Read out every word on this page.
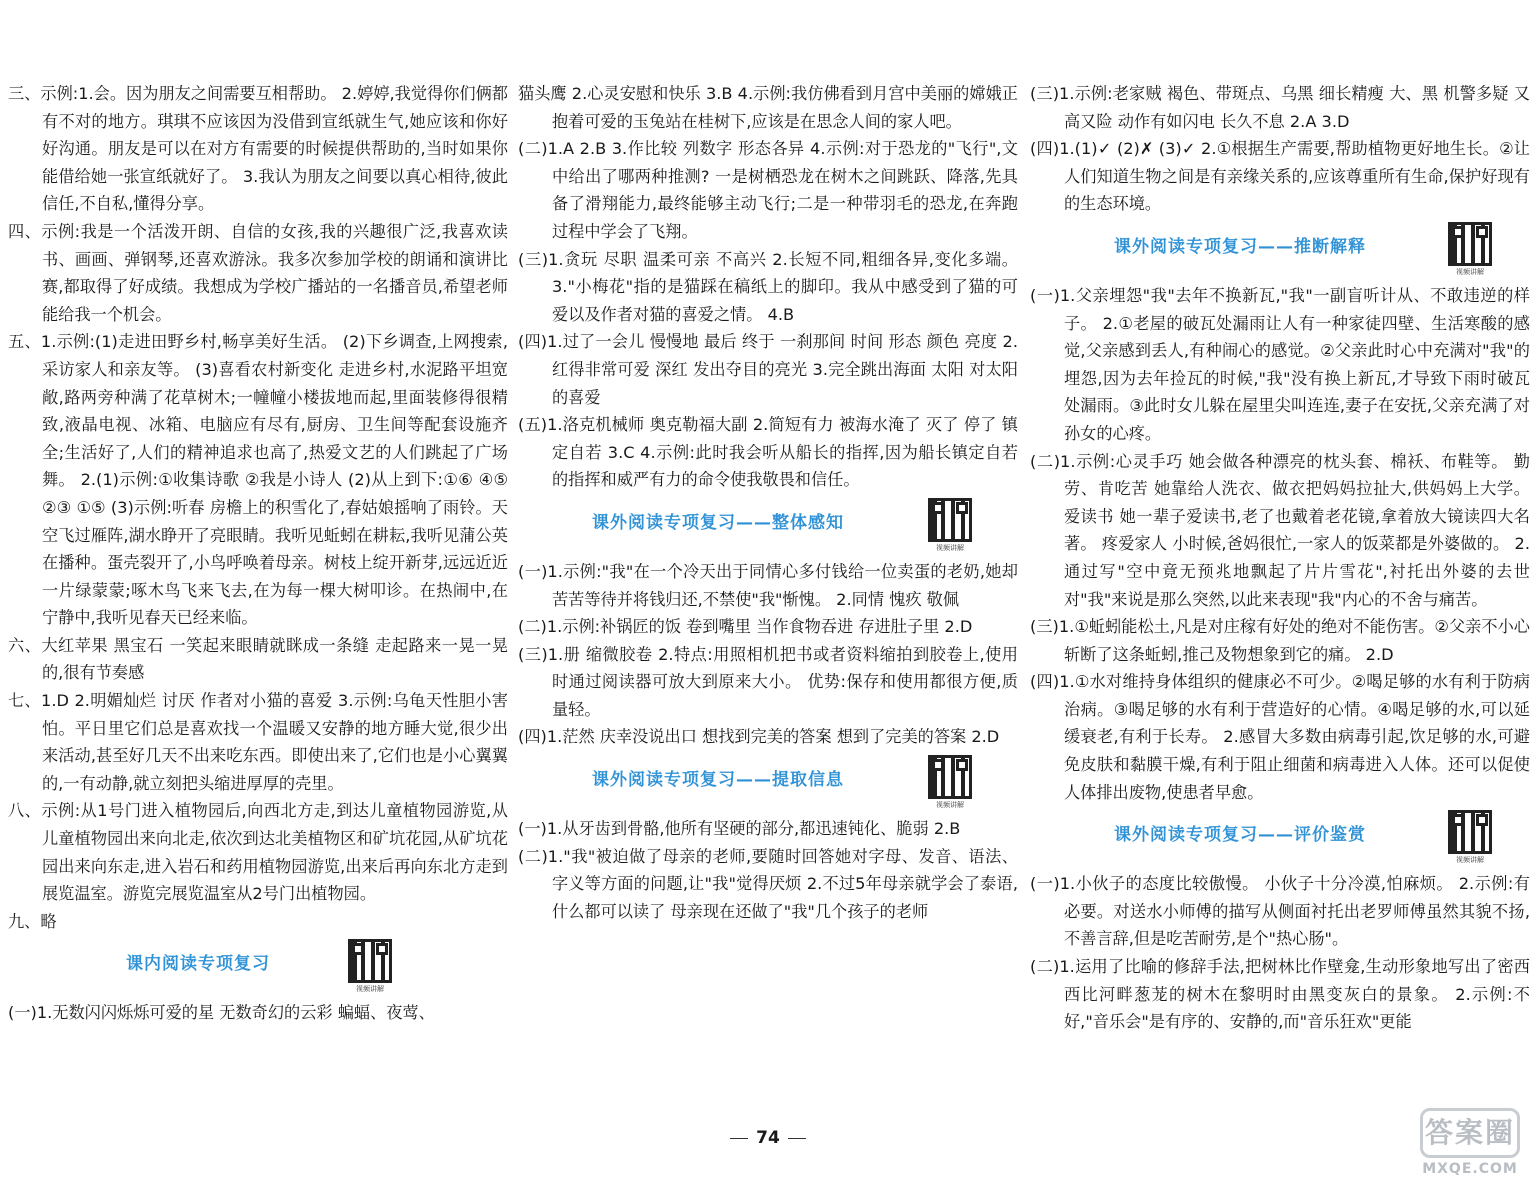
三、示例:1.会。因为朋友之间需要互相帮助。 2.婷婷,我觉得你们俩都有不对的地方。琪琪不应该因为没借到宣纸就生气,她应该和你好好沟通。朋友是可以在对方有需要的时候提供帮助的,当时如果你能借给她一张宣纸就好了。 3.我认为朋友之间要以真心相待,彼此信任,不自私,懂得分享。

四、示例:我是一个活泼开朗、自信的女孩,我的兴趣很广泛,我喜欢读书、画画、弹钢琴,还喜欢游泳。我多次参加学校的朗诵和演讲比赛,都取得了好成绩。我想成为学校广播站的一名播音员,希望老师能给我一个机会。

五、1.示例:(1)走进田野乡村,畅享美好生活。 (2)下乡调查,上网搜索,采访家人和亲友等。 (3)喜看农村新变化 走进乡村,水泥路平坦宽敞,路两旁种满了花草树木;一幢幢小楼拔地而起,里面装修得很精致,液晶电视、冰箱、电脑应有尽有,厨房、卫生间等配套设施齐全;生活好了,人们的精神追求也高了,热爱文艺的人们跳起了广场舞。 2.(1)示例:①收集诗歌 ②我是小诗人 (2)从上到下:①⑥ ④⑤ ②③ ①⑤ (3)示例:听春 房檐上的积雪化了,春姑娘摇响了雨铃。天空飞过雁阵,湖水睁开了亮眼睛。我听见蚯蚓在耕耘,我听见蒲公英在播种。蛋壳裂开了,小鸟呼唤着母亲。树枝上绽开新芽,远远近近一片绿蒙蒙;啄木鸟飞来飞去,在为每一棵大树叩诊。在热闹中,在宁静中,我听见春天已经来临。

六、大红苹果 黑宝石 一笑起来眼睛就眯成一条缝 走起路来一晃一晃的,很有节奏感

七、1.D 2.明媚灿烂 讨厌 作者对小猫的喜爱 3.示例:乌龟天性胆小害怕。平日里它们总是喜欢找一个温暖又安静的地方睡大觉,很少出来活动,甚至好几天不出来吃东西。即使出来了,它们也是小心翼翼的,一有动静,就立刻把头缩进厚厚的壳里。

八、示例:从1号门进入植物园后,向西北方走,到达儿童植物园游览,从儿童植物园出来向北走,依次到达北美植物区和矿坑花园,从矿坑花园出来向东走,进入岩石和药用植物园游览,出来后再向东北方走到展览温室。游览完展览温室从2号门出植物园。

九、略

课内阅读专项复习
视频讲解

(一)1.无数闪闪烁烁可爱的星 无数奇幻的云彩 蝙蝠、夜莺、

猫头鹰 2.心灵安慰和快乐 3.B 4.示例:我仿佛看到月宫中美丽的嫦娥正抱着可爱的玉兔站在桂树下,应该是在思念人间的家人吧。

(二)1.A 2.B 3.作比较 列数字 形态各异 4.示例:对于恐龙的"飞行",文中给出了哪两种推测? 一是树栖恐龙在树木之间跳跃、降落,先具备了滑翔能力,最终能够主动飞行;二是一种带羽毛的恐龙,在奔跑过程中学会了飞翔。

(三)1.贪玩 尽职 温柔可亲 不高兴 2.长短不同,粗细各异,变化多端。 3."小梅花"指的是猫踩在稿纸上的脚印。我从中感受到了猫的可爱以及作者对猫的喜爱之情。 4.B

(四)1.过了一会儿 慢慢地 最后 终于 一刹那间 时间 形态 颜色 亮度 2.红得非常可爱 深红 发出夺目的亮光 3.完全跳出海面 太阳 对太阳的喜爱

(五)1.洛克机械师 奥克勒福大副 2.简短有力 被海水淹了 灭了 停了 镇定自若 3.C 4.示例:此时我会听从船长的指挥,因为船长镇定自若的指挥和威严有力的命令使我敬畏和信任。

课外阅读专项复习——整体感知
视频讲解

(一)1.示例:"我"在一个冷天出于同情心多付钱给一位卖蛋的老奶,她却苦苦等待并将钱归还,不禁使"我"惭愧。 2.同情 愧疚 敬佩

(二)1.示例:补锅匠的饭 卷到嘴里 当作食物吞进 存进肚子里 2.D

(三)1.册 缩微胶卷 2.特点:用照相机把书或者资料缩拍到胶卷上,使用时通过阅读器可放大到原来大小。 优势:保存和使用都很方便,质量轻。

(四)1.茫然 庆幸没说出口 想找到完美的答案 想到了完美的答案 2.D

课外阅读专项复习——提取信息
视频讲解

(一)1.从牙齿到骨骼,他所有坚硬的部分,都迅速钝化、脆弱 2.B

(二)1."我"被迫做了母亲的老师,要随时回答她对字母、发音、语法、字义等方面的问题,让"我"觉得厌烦 2.不过5年母亲就学会了泰语,什么都可以读了 母亲现在还做了"我"几个孩子的老师

(三)1.示例:老家贼 褐色、带斑点、乌黑 细长精瘦 大、黑 机警多疑 又高又险 动作有如闪电 长久不息 2.A 3.D

(四)1.(1)✓ (2)✗ (3)✓ 2.①根据生产需要,帮助植物更好地生长。②让人们知道生物之间是有亲缘关系的,应该尊重所有生命,保护好现有的生态环境。

课外阅读专项复习——推断解释
视频讲解

(一)1.父亲埋怨"我"去年不换新瓦,"我"一副盲听计从、不敢违逆的样子。 2.①老屋的破瓦处漏雨让人有一种家徒四壁、生活寒酸的感觉,父亲感到丢人,有种闹心的感觉。②父亲此时心中充满对"我"的埋怨,因为去年捡瓦的时候,"我"没有换上新瓦,才导致下雨时破瓦处漏雨。③此时女儿躲在屋里尖叫连连,妻子在安抚,父亲充满了对孙女的心疼。

(二)1.示例:心灵手巧 她会做各种漂亮的枕头套、棉袄、布鞋等。 勤劳、肯吃苦 她靠给人洗衣、做衣把妈妈拉扯大,供妈妈上大学。 爱读书 她一辈子爱读书,老了也戴着老花镜,拿着放大镜读四大名著。 疼爱家人 小时候,爸妈很忙,一家人的饭菜都是外婆做的。 2.通过写"空中竟无预兆地飘起了片片雪花",衬托出外婆的去世对"我"来说是那么突然,以此来表现"我"内心的不舍与痛苦。

(三)1.①蚯蚓能松土,凡是对庄稼有好处的绝对不能伤害。②父亲不小心斩断了这条蚯蚓,推己及物想象到它的痛。 2.D

(四)1.①水对维持身体组织的健康必不可少。②喝足够的水有利于防病治病。③喝足够的水有利于营造好的心情。④喝足够的水,可以延缓衰老,有利于长寿。 2.感冒大多数由病毒引起,饮足够的水,可避免皮肤和黏膜干燥,有利于阻止细菌和病毒进入人体。还可以促使人体排出废物,使患者早愈。

课外阅读专项复习——评价鉴赏
视频讲解

(一)1.小伙子的态度比较傲慢。 小伙子十分冷漠,怕麻烦。 2.示例:有必要。对送水小师傅的描写从侧面衬托出老罗师傅虽然其貌不扬,不善言辞,但是吃苦耐劳,是个"热心肠"。

(二)1.运用了比喻的修辞手法,把树林比作壁龛,生动形象地写出了密西西比河畔葱茏的树木在黎明时由黑变灰白的景象。 2.示例:不好,"音乐会"是有序的、安静的,而"音乐狂欢"更能

74	答案圈
MXQE.COM
